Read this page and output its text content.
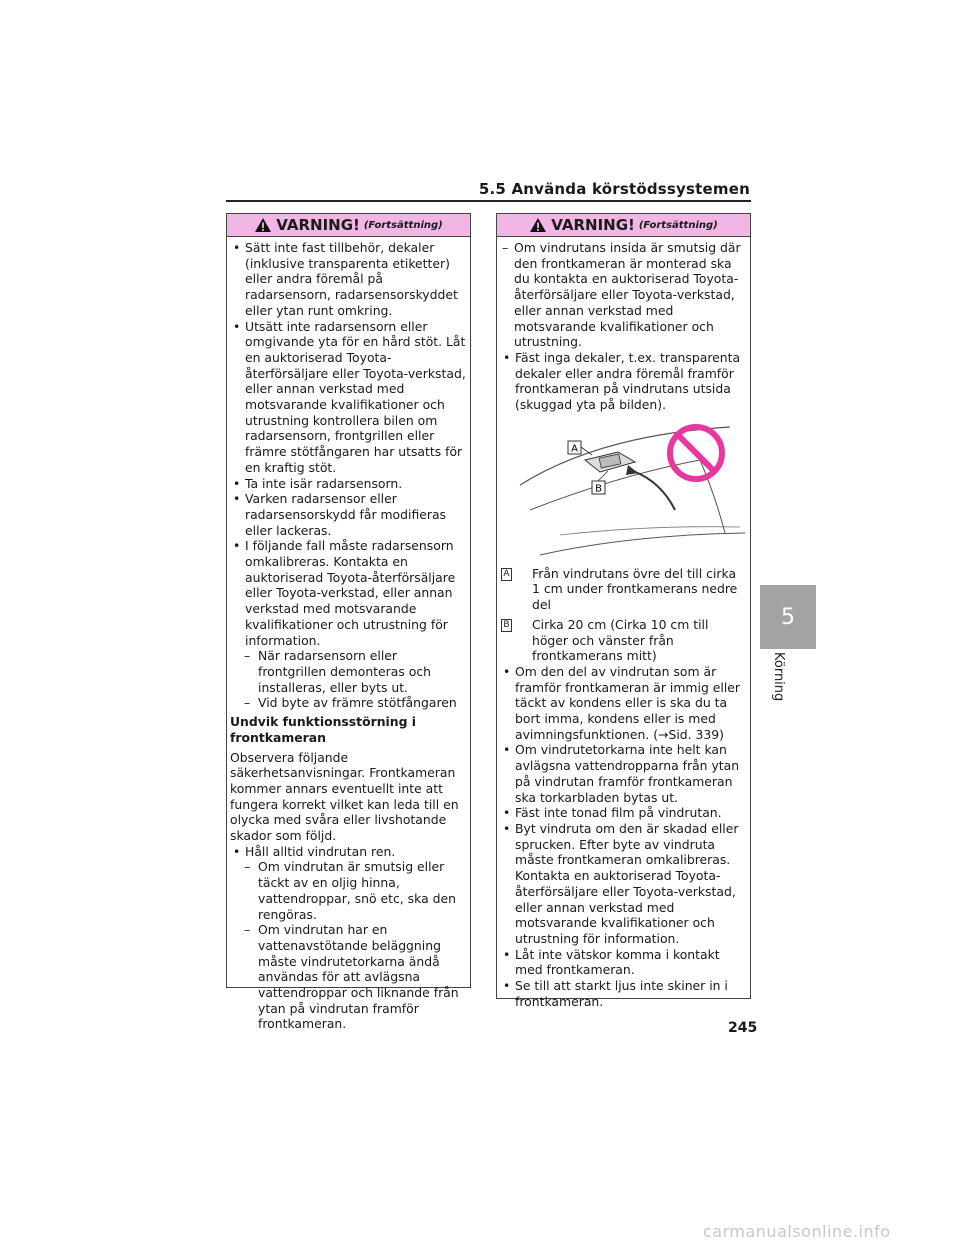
5.5 Använda körstödssystemen
VARNING! (Fortsättning)
• Sätt inte fast tillbehör, dekaler (inklusive transparenta etiketter) eller andra föremål på radarsensorn, radarsensorskyddet eller ytan runt omkring.
• Utsätt inte radarsensorn eller omgivande yta för en hård stöt. Låt en auktoriserad Toyota-återförsäljare eller Toyota-verkstad, eller annan verkstad med motsvarande kvalifikationer och utrustning kontrollera bilen om radarsensorn, frontgrillen eller främre stötfångaren har utsatts för en kraftig stöt.
• Ta inte isär radarsensorn.
• Varken radarsensor eller radarsensorskydd får modifieras eller lackeras.
• I följande fall måste radarsensorn omkalibreras. Kontakta en auktoriserad Toyota-återförsäljare eller Toyota-verkstad, eller annan verkstad med motsvarande kvalifikationer och utrustning för information.
– När radarsensorn eller frontgrillen demonteras och installeras, eller byts ut.
– Vid byte av främre stötfångaren
Undvik funktionsstörning i frontkameran
Observera följande säkerhetsanvisningar. Frontkameran kommer annars eventuellt inte att fungera korrekt vilket kan leda till en olycka med svåra eller livshotande skador som följd.
• Håll alltid vindrutan ren.
– Om vindrutan är smutsig eller täckt av en oljig hinna, vattendroppar, snö etc, ska den rengöras.
– Om vindrutan har en vattenavstötande beläggning måste vindrutetorkarna ändå användas för att avlägsna vattendroppar och liknande från ytan på vindrutan framför frontkameran.
VARNING! (Fortsättning)
– Om vindrutans insida är smutsig där den frontkameran är monterad ska du kontakta en auktoriserad Toyota-återförsäljare eller Toyota-verkstad, eller annan verkstad med motsvarande kvalifikationer och utrustning.
• Fäst inga dekaler, t.ex. transparenta dekaler eller andra föremål framför frontkameran på vindrutans utsida (skuggad yta på bilden).
A
B
A Från vindrutans övre del till cirka 1 cm under frontkamerans nedre del
B Cirka 20 cm (Cirka 10 cm till höger och vänster från frontkamerans mitt)
• Om den del av vindrutan som är framför frontkameran är immig eller täckt av kondens eller is ska du ta bort imma, kondens eller is med avimningsfunktionen. (→Sid. 339)
• Om vindrutetorkarna inte helt kan avlägsna vattendropparna från ytan på vindrutan framför frontkameran ska torkarbladen bytas ut.
• Fäst inte tonad film på vindrutan.
• Byt vindruta om den är skadad eller sprucken. Efter byte av vindruta måste frontkameran omkalibreras. Kontakta en auktoriserad Toyota-återförsäljare eller Toyota-verkstad, eller annan verkstad med motsvarande kvalifikationer och utrustning för information.
• Låt inte vätskor komma i kontakt med frontkameran.
• Se till att starkt ljus inte skiner in i frontkameran.
5
Körning
245
carmanualsonline.info
